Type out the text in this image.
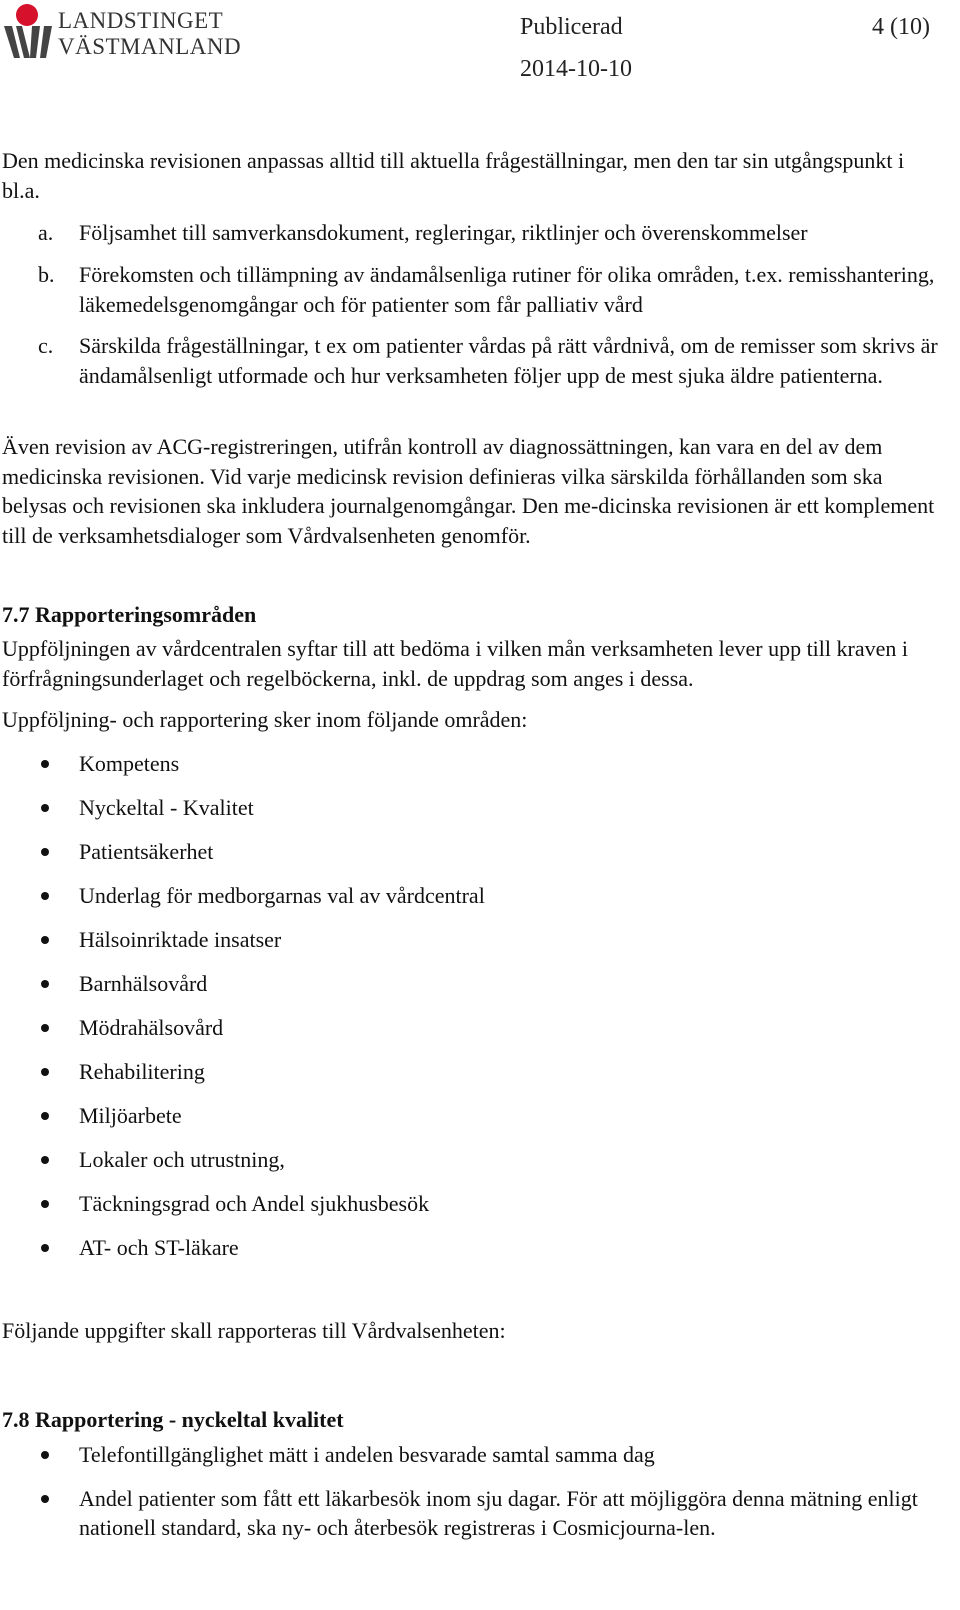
LANDSTINGET
VÄSTMANLAND
Publicerad	4 (10)
2014-10-10
Den medicinska revisionen anpassas alltid till aktuella frågeställningar, men den tar sin utgångspunkt i bl.a.
a. Följsamhet till samverkansdokument, regleringar, riktlinjer och överenskommelser
b. Förekomsten och tillämpning av ändamålsenliga rutiner för olika områden, t.ex. remisshantering, läkemedelsgenomgångar och för patienter som får palliativ vård
c. Särskilda frågeställningar, t ex om patienter vårdas på rätt vårdnivå, om de remisser som skrivs är ändamålsenligt utformade och hur verksamheten följer upp de mest sjuka äldre patienterna.
Även revision av ACG-registreringen, utifrån kontroll av diagnossättningen, kan vara en del av dem medicinska revisionen. Vid varje medicinsk revision definieras vilka särskilda förhållanden som ska belysas och revisionen ska inkludera journalgenomgångar. Den me-dicinska revisionen är ett komplement till de verksamhetsdialoger som Vårdvalsenheten genomför.
7.7 Rapporteringsområden
Uppföljningen av vårdcentralen syftar till att bedöma i vilken mån verksamheten lever upp till kraven i förfrågningsunderlaget och regelböckerna, inkl. de uppdrag som anges i dessa.
Uppföljning- och rapportering sker inom följande områden:
Kompetens
Nyckeltal - Kvalitet
Patientsäkerhet
Underlag för medborgarnas val av vårdcentral
Hälsoinriktade insatser
Barnhälsovård
Mödrahälsovård
Rehabilitering
Miljöarbete
Lokaler och utrustning,
Täckningsgrad och Andel sjukhusbesök
AT- och ST-läkare
Följande uppgifter skall rapporteras till Vårdvalsenheten:
7.8 Rapportering - nyckeltal kvalitet
Telefontillgänglighet mätt i andelen besvarade samtal samma dag
Andel patienter som fått ett läkarbesök inom sju dagar. För att möjliggöra denna mätning enligt nationell standard, ska ny- och återbesök registreras i Cosmicjourna-len.
